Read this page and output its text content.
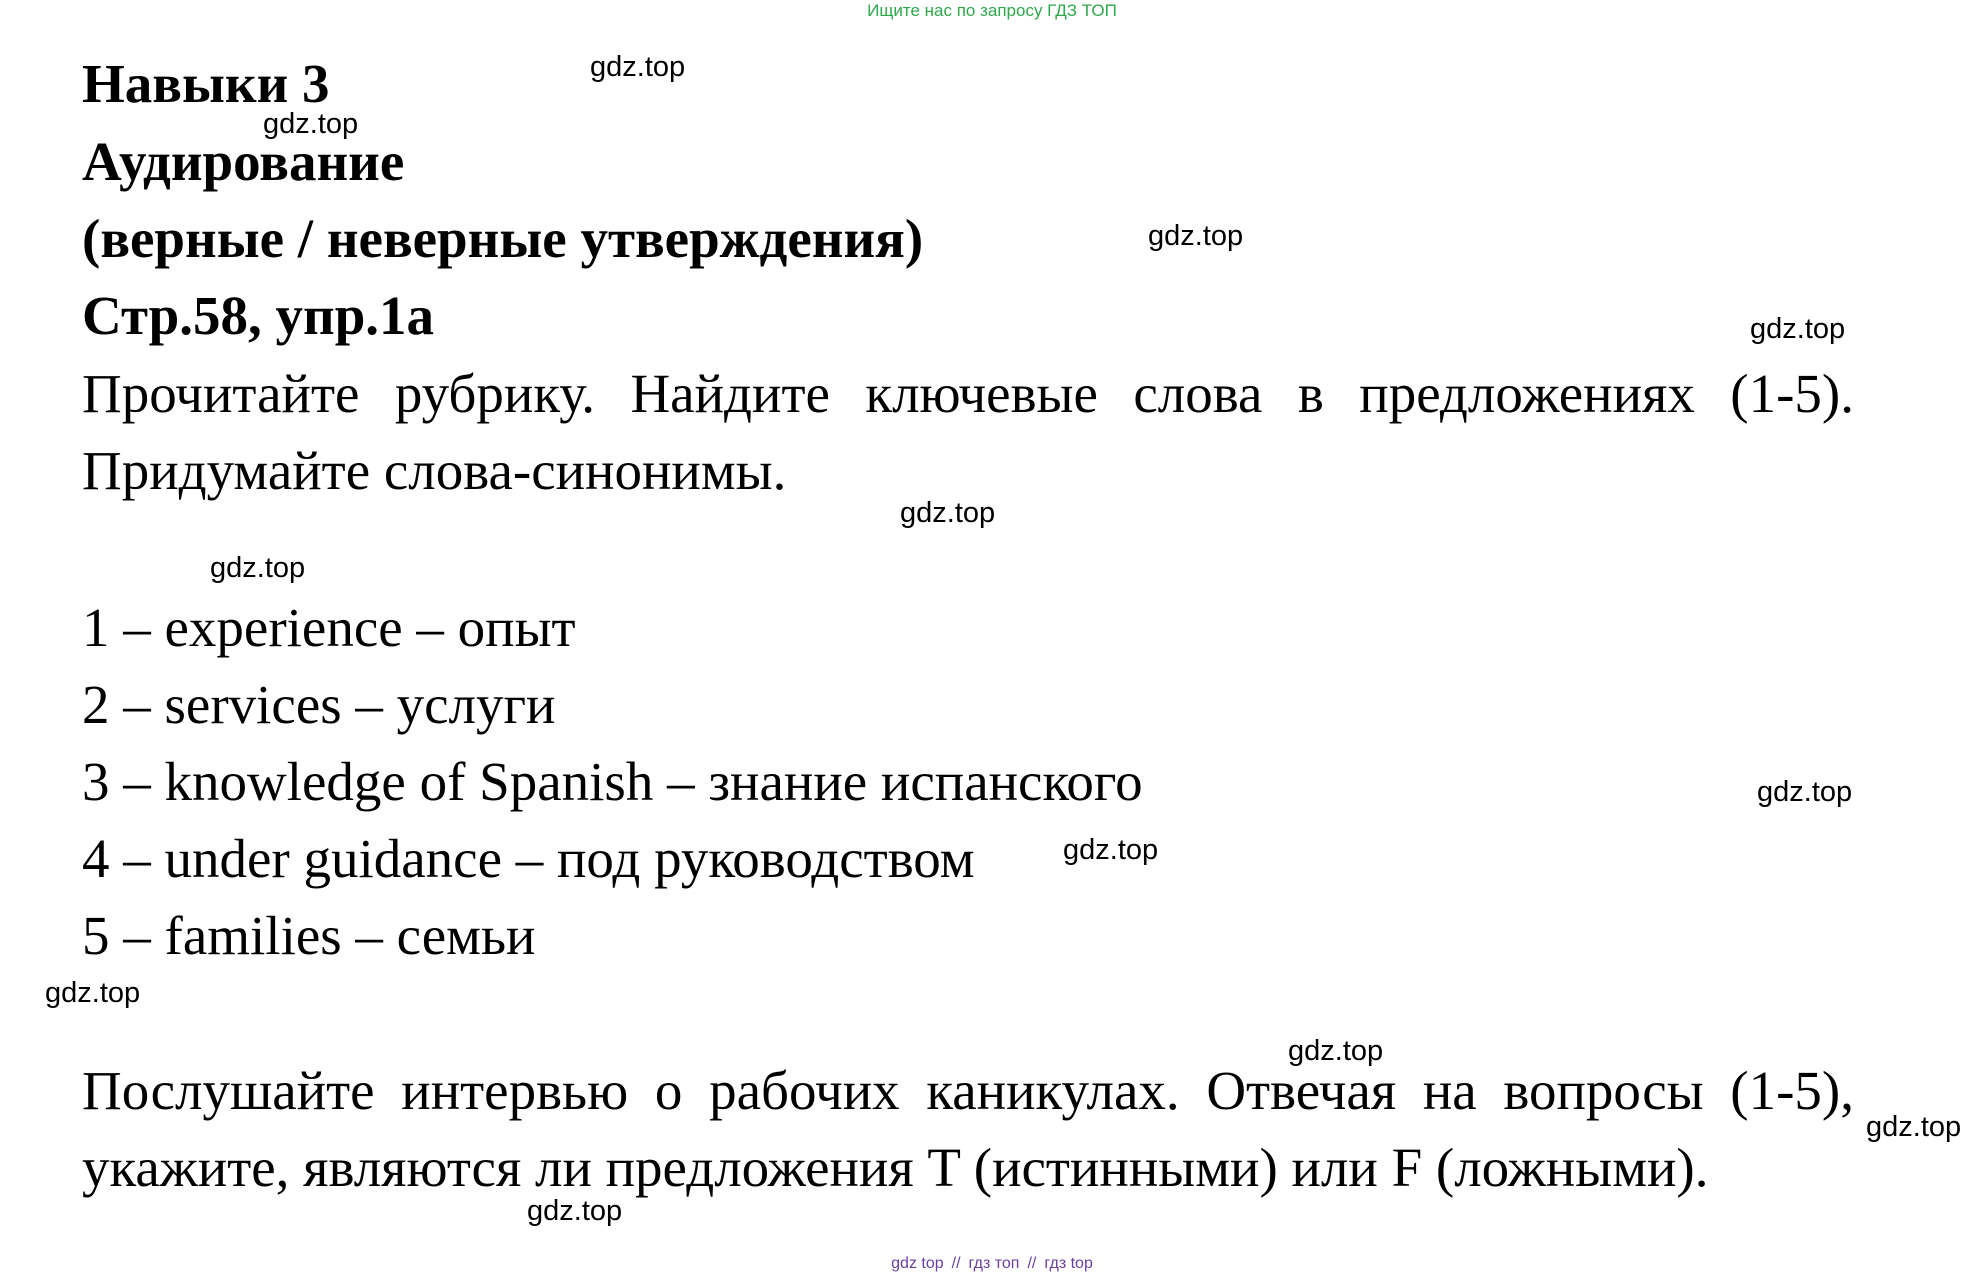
Ищите нас по запросу ГДЗ ТОП
Навыки 3
Аудирование
(верные / неверные утверждения)
Стр.58, упр.1a
Прочитайте рубрику. Найдите ключевые слова в предложениях (1-5).
Придумайте слова-синонимы.
1 – experience – опыт
2 – services – услуги
3 – knowledge of Spanish – знание испанского
4 – under guidance – под руководством
5 – families – семьи
Послушайте интервью о рабочих каникулах. Отвечая на вопросы (1-5),
укажите, являются ли предложения T (истинными) или F (ложными).
gdz.top
gdz.top
gdz.top
gdz.top
gdz.top
gdz.top
gdz.top
gdz.top
gdz.top
gdz.top
gdz.top
gdz.top
gdz top // гдз топ // гдз top
